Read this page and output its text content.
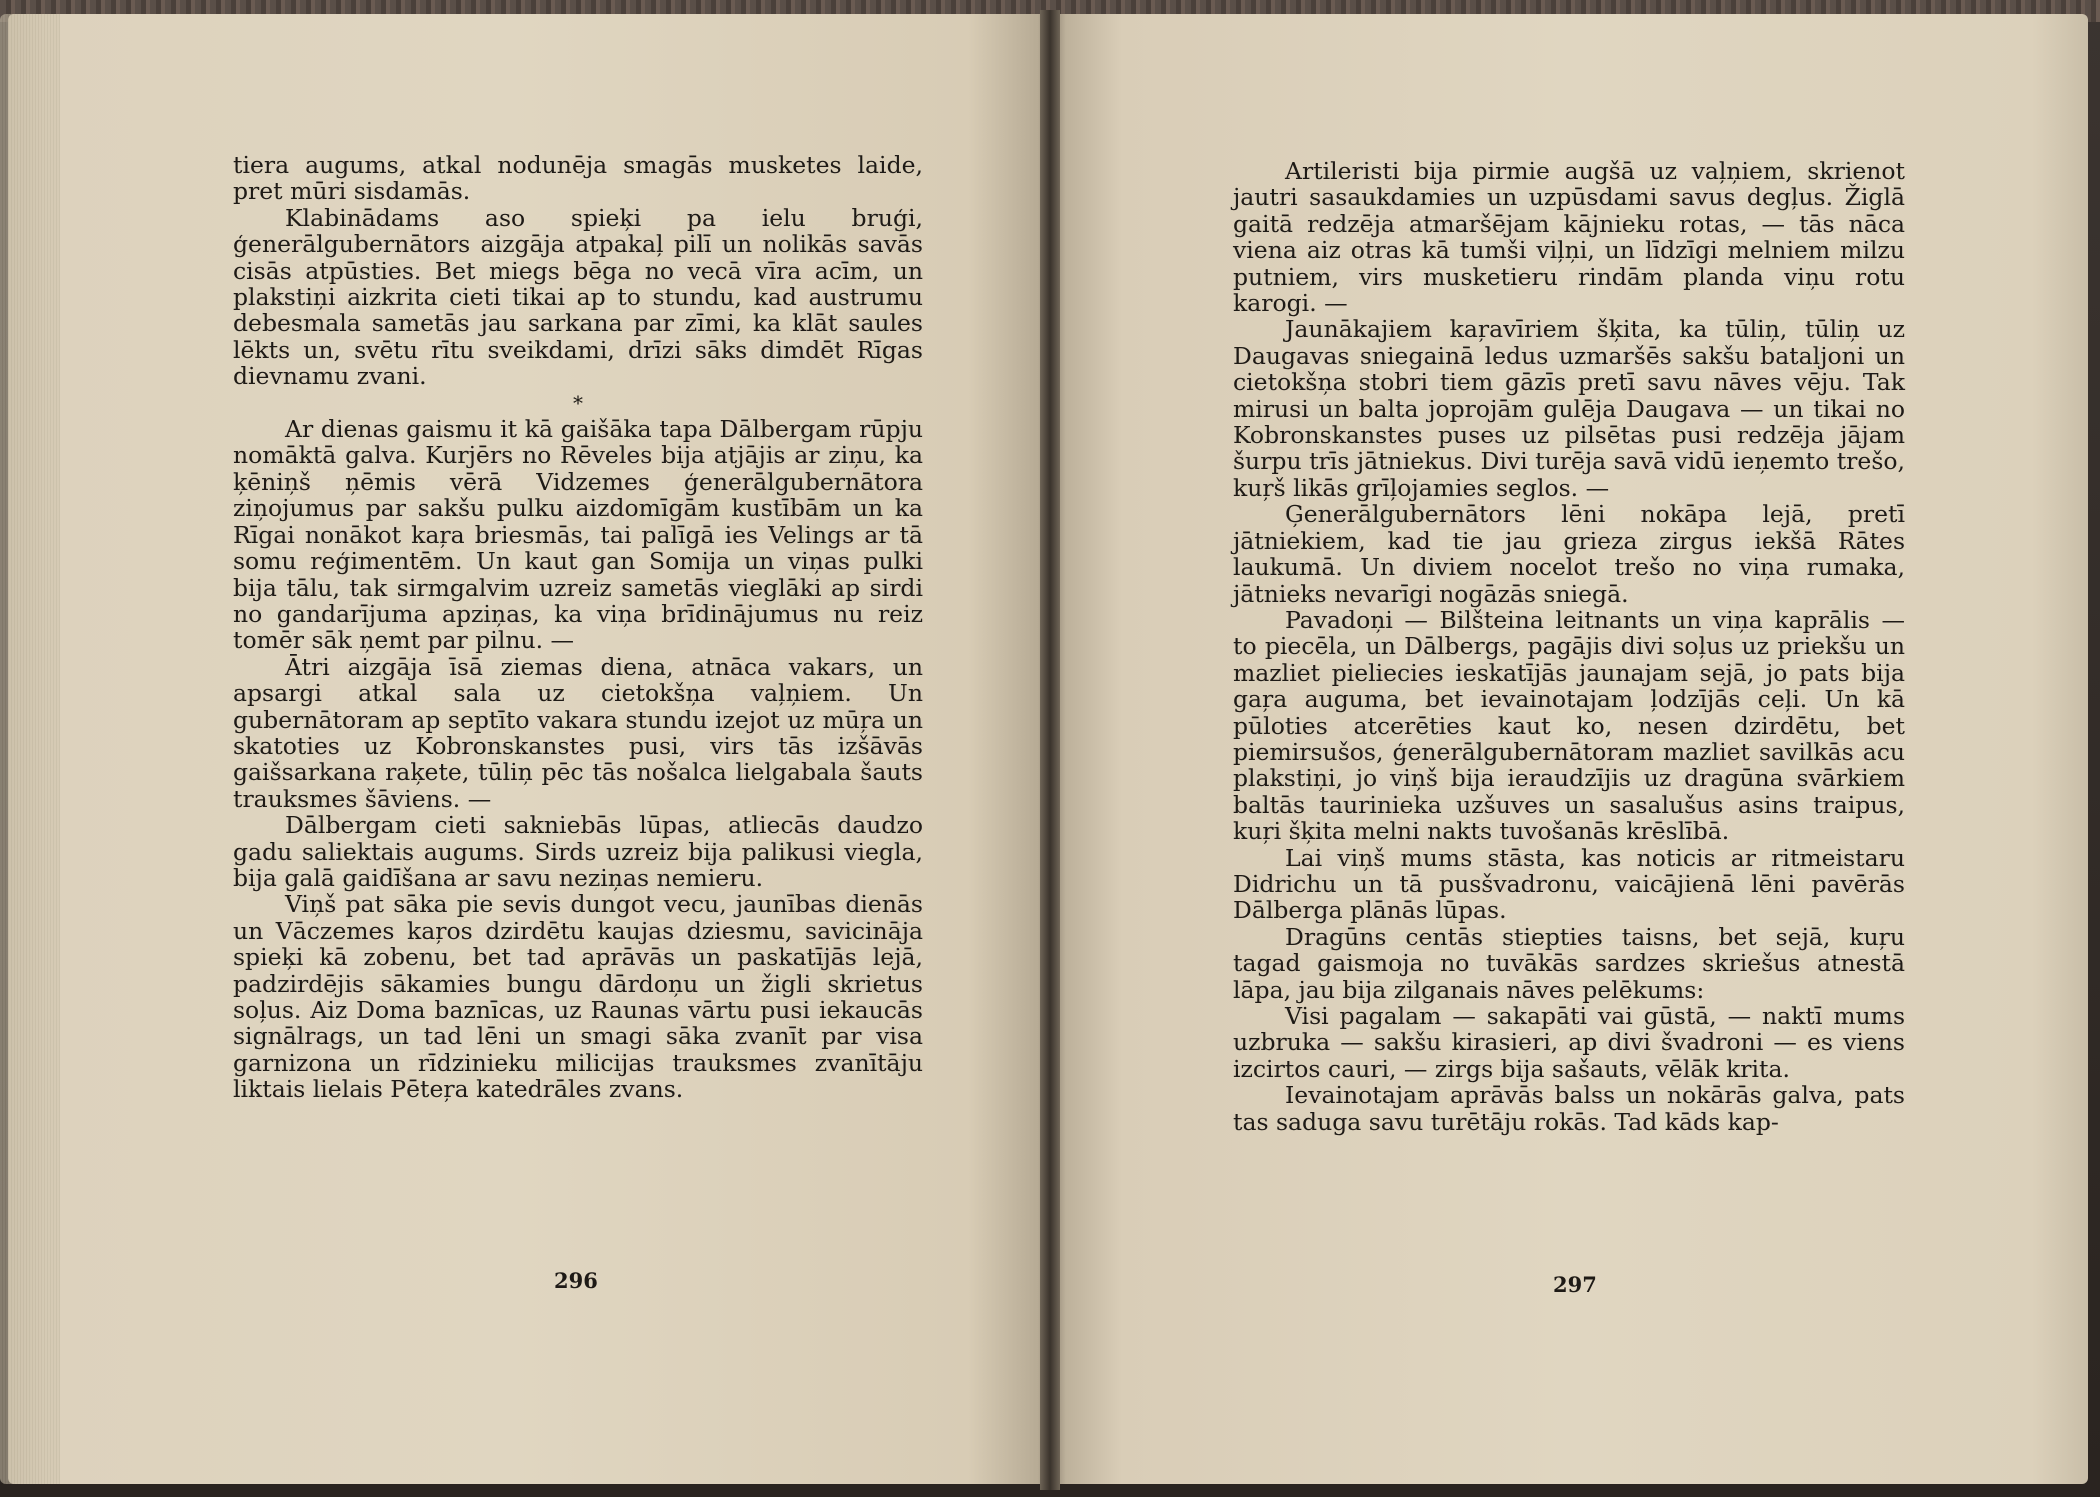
tiera augums, atkal nodunēja smagās musketes laide, pret mūri sisdamās.

Klabinādams aso spieķi pa ielu bruģi, ģenerālgubernātors aizgāja atpakaļ pilī un nolikās savās cisās atpūsties. Bet miegs bēga no vecā vīra acīm, un plakstiņi aizkrita cieti tikai ap to stundu, kad austrumu debesmala sametās jau sarkana par zīmi, ka klāt saules lēkts un, svētu rītu sveikdami, drīzi sāks dimdēt Rīgas dievnamu zvani.

*

Ar dienas gaismu it kā gaišāka tapa Dālbergam rūpju nomāktā galva. Kurjērs no Rēveles bija atjājis ar ziņu, ka ķēniņš ņēmis vērā Vidzemes ģenerālgubernātora ziņojumus par sakšu pulku aizdomīgām kustībām un ka Rīgai nonākot kaŗa briesmās, tai palīgā ies Velings ar tā somu reģimentēm. Un kaut gan Somija un viņas pulki bija tālu, tak sirmgalvim uzreiz sametās vieglāki ap sirdi no gandarījuma apziņas, ka viņa brīdinājumus nu reiz tomēr sāk ņemt par pilnu. —

Ātri aizgāja īsā ziemas diena, atnāca vakars, un apsargi atkal sala uz cietokšņa vaļņiem. Un gubernātoram ap septīto vakara stundu izejot uz mūŗa un skatoties uz Kobronskanstes pusi, virs tās izšāvās gaišsarkana raķete, tūliņ pēc tās nošalca lielgabala šauts trauksmes šāviens. —

Dālbergam cieti sakniebās lūpas, atliecās daudzo gadu saliektais augums. Sirds uzreiz bija palikusi viegla, bija galā gaidīšana ar savu neziņas nemieru.

Viņš pat sāka pie sevis dungot vecu, jaunības dienās un Vāczemes kaŗos dzirdētu kaujas dziesmu, savicināja spieķi kā zobenu, bet tad aprāvās un paskatījās lejā, padzirdējis sākamies bungu dārdoņu un žigli skrietus soļus. Aiz Doma baznīcas, uz Raunas vārtu pusi iekaucās signālrags, un tad lēni un smagi sāka zvanīt par visa garnizona un rīdzinieku milicijas trauksmes zvanītāju liktais lielais Pēteŗa katedrāles zvans.

296

Artileristi bija pirmie augšā uz vaļņiem, skrienot jautri sasaukdamies un uzpūsdami savus degļus. Žiglā gaitā redzēja atmaršējam kājnieku rotas, — tās nāca viena aiz otras kā tumši viļņi, un līdzīgi melniem milzu putniem, virs musketieru rindām planda viņu rotu karogi. —

Jaunākajiem kaŗavīriem šķita, ka tūliņ, tūliņ uz Daugavas sniegainā ledus uzmaršēs sakšu bataljoni un cietokšņa stobri tiem gāzīs pretī savu nāves vēju. Tak mirusi un balta joprojām gulēja Daugava — un tikai no Kobronskanstes puses uz pilsētas pusi redzēja jājam šurpu trīs jātniekus. Divi turēja savā vidū ieņemto trešo, kuŗš likās grīļojamies seglos. —

Ģenerālgubernātors lēni nokāpa lejā, pretī jātniekiem, kad tie jau grieza zirgus iekšā Rātes laukumā. Un diviem nocelot trešo no viņa rumaka, jātnieks nevarīgi nogāzās sniegā.

Pavadoņi — Bilšteina leitnants un viņa kaprālis — to piecēla, un Dālbergs, pagājis divi soļus uz priekšu un mazliet pieliecies ieskatījās jaunajam sejā, jo pats bija gaŗa auguma, bet ievainotajam ļodzījās ceļi. Un kā pūloties atcerēties kaut ko, nesen dzirdētu, bet piemirsušos, ģenerālgubernātoram mazliet savilkās acu plakstiņi, jo viņš bija ieraudzījis uz dragūna svārkiem baltās taurinieka uzšuves un sasalušus asins traipus, kuŗi šķita melni nakts tuvošanās krēslībā.

Lai viņš mums stāsta, kas noticis ar ritmeistaru Didrichu un tā pusšvadronu, vaicājienā lēni pavērās Dālberga plānās lūpas.

Dragūns centās stiepties taisns, bet sejā, kuŗu tagad gaismoja no tuvākās sardzes skriešus atnestā lāpa, jau bija zilganais nāves pelēkums:

Visi pagalam — sakapāti vai gūstā, — naktī mums uzbruka — sakšu kirasieri, ap divi švadroni — es viens izcirtos cauri, — zirgs bija sašauts, vēlāk krita.

Ievainotajam aprāvās balss un nokārās galva, pats tas saduga savu turētāju rokās. Tad kāds kap-

297
